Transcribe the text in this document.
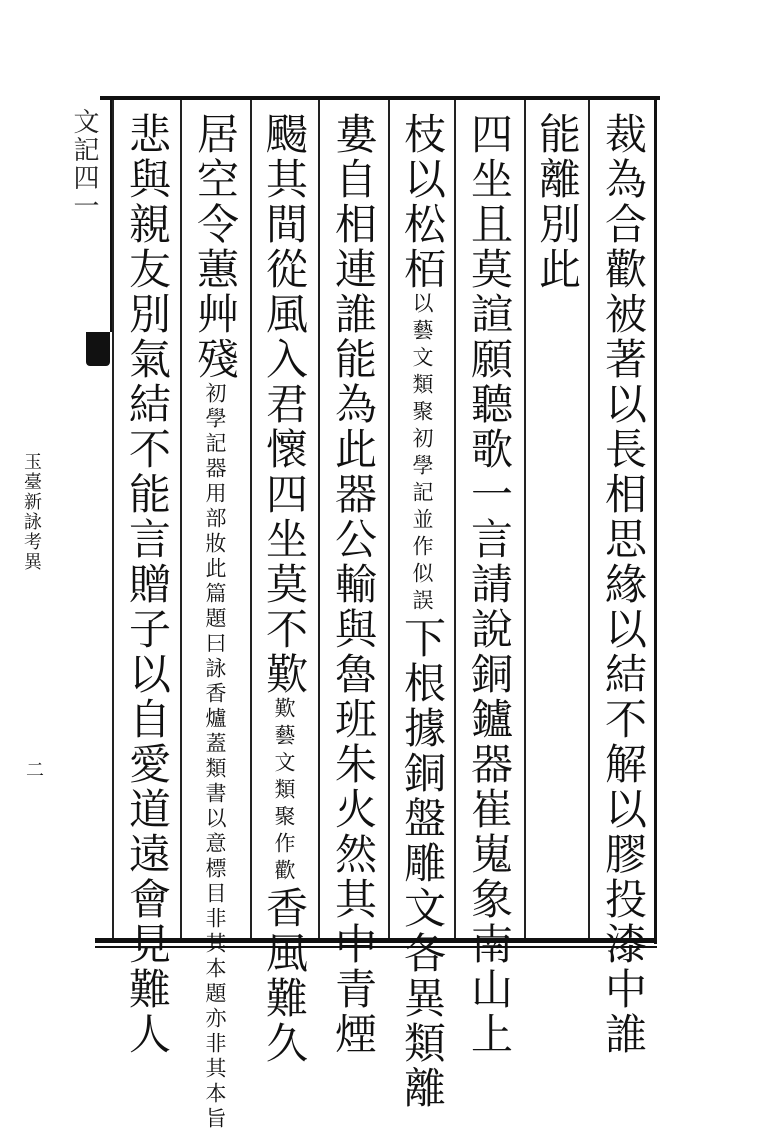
裁為合歡被著以長相思緣以結不解以膠投漆中誰
能離別此
四坐且莫諠願聽歌一言請說銅鑪器崔嵬象南山上
枝以松栢以藝文類聚初學記並作似誤下根據銅盤雕文各異類離
婁自相連誰能為此器公輸與魯班朱火然其中青煙
颺其間從風入君懷四坐莫不歎歎藝文類聚作歡香風難久
居空令蕙艸殘初學記器用部妝此篇題曰詠香爐蓋類書以意標目非其本題亦非其本旨
悲與親友別氣結不能言贈子以自愛道遠會見難人
文記四一
玉臺新詠考異
二
